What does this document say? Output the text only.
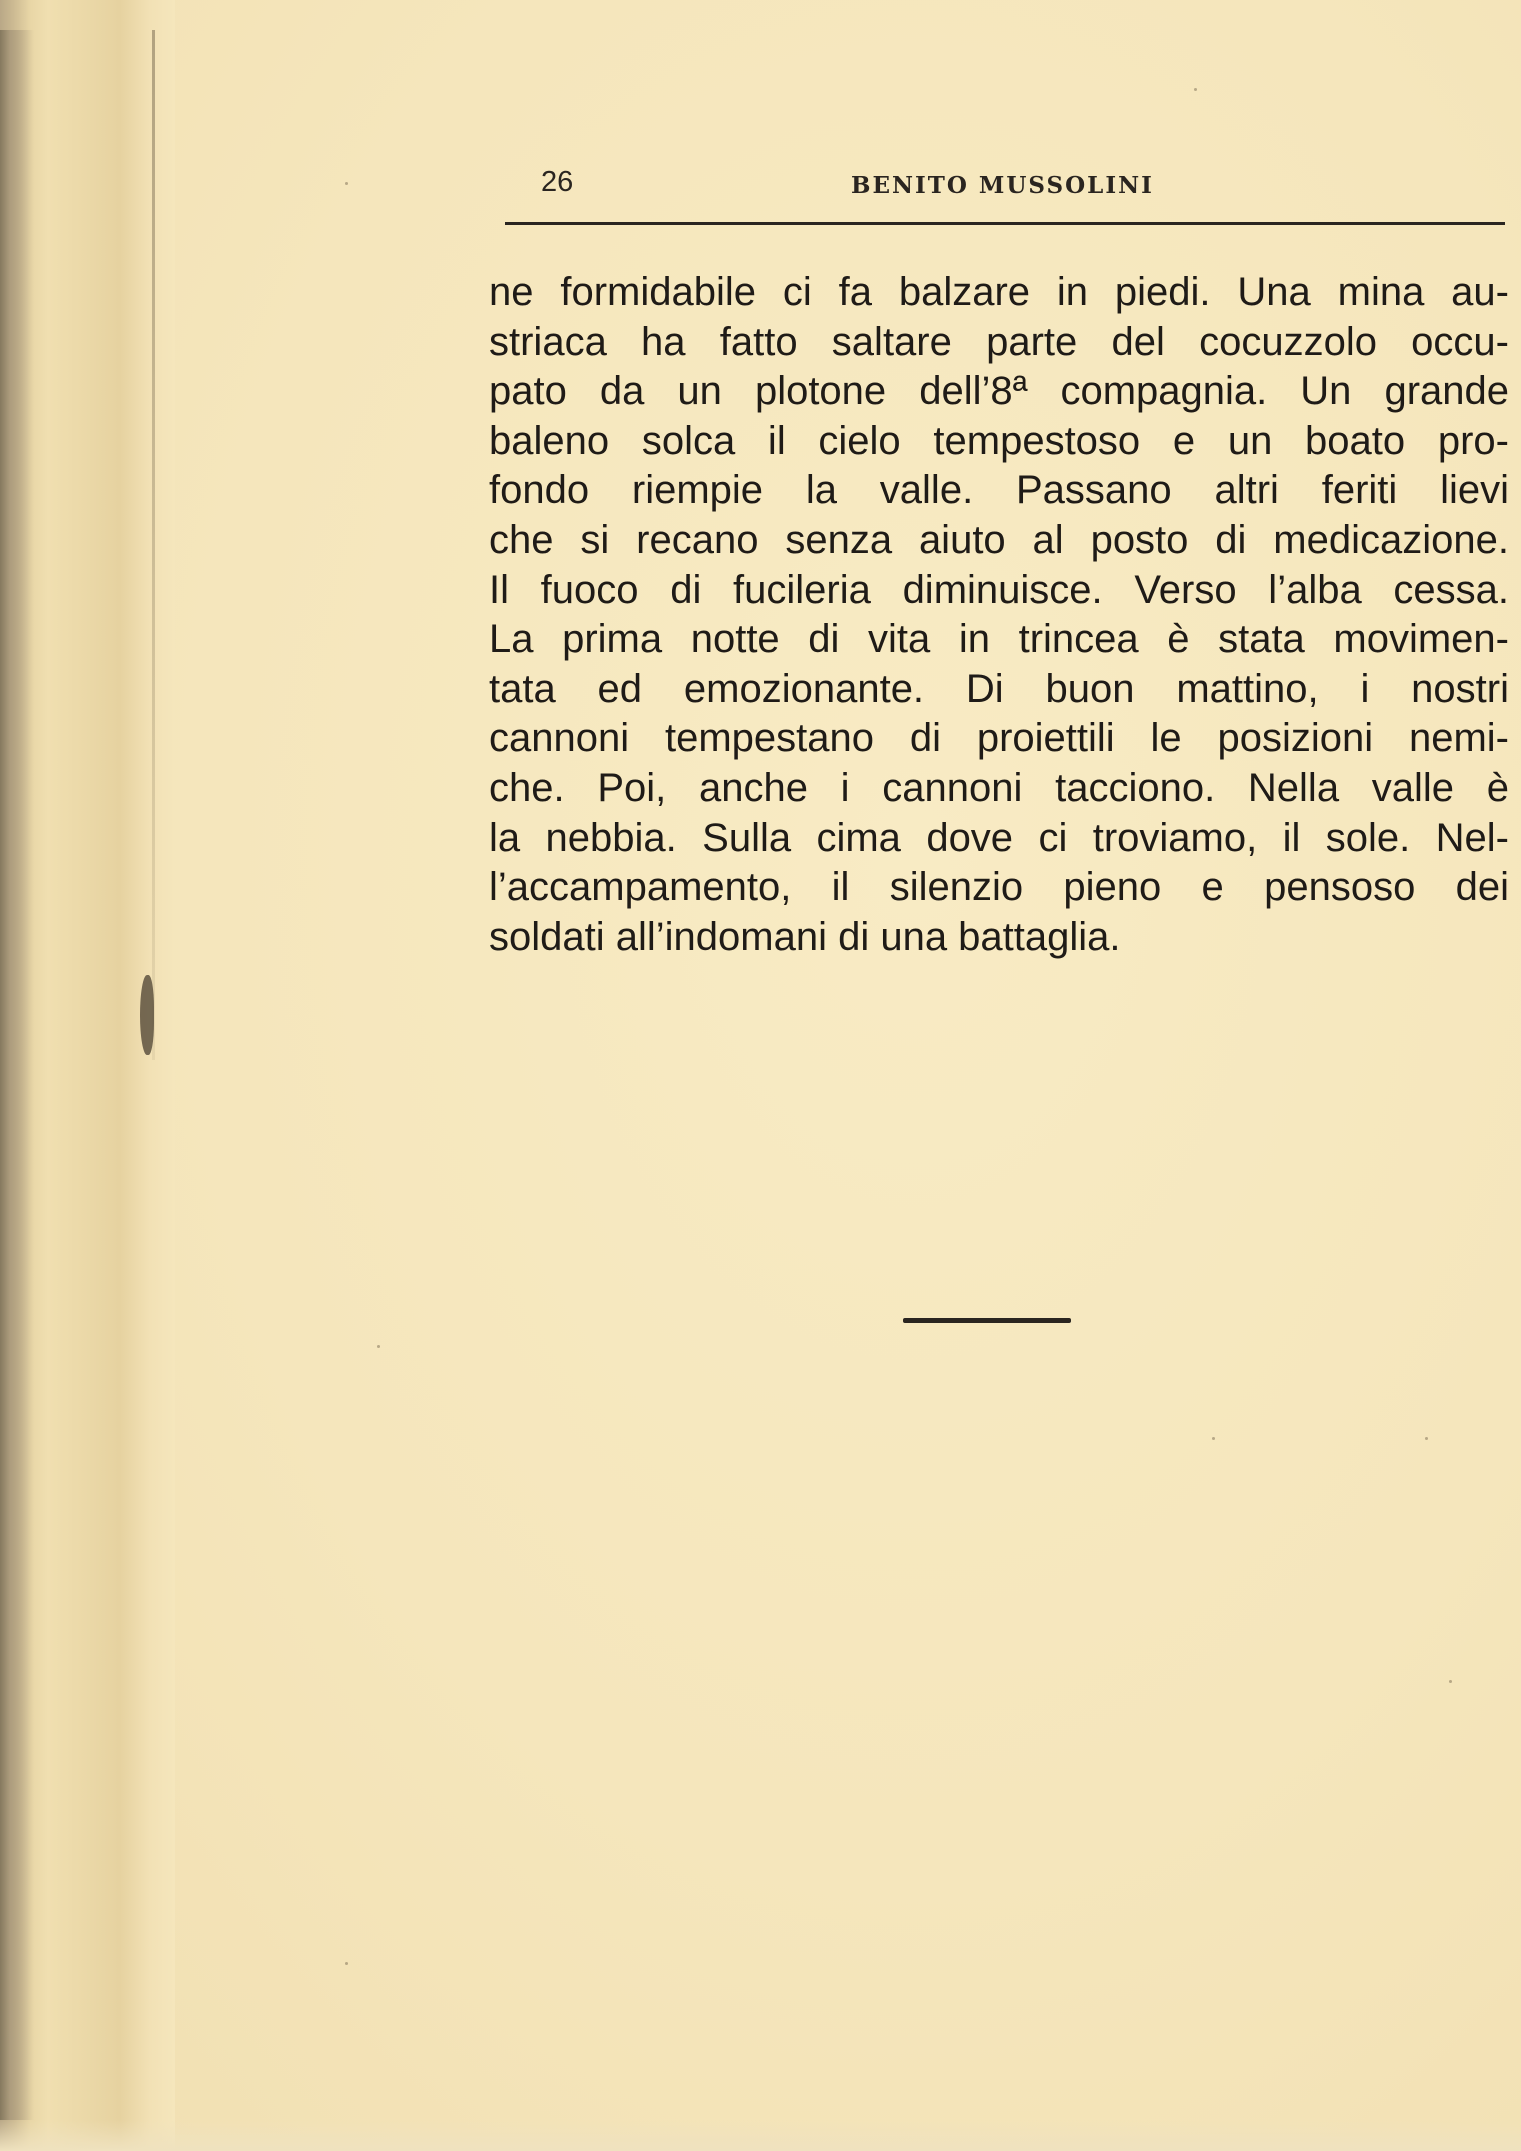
26	BENITO MUSSOLINI
ne formidabile ci fa balzare in piedi. Una mina au-
striaca ha fatto saltare parte del cocuzzolo occu-
pato da un plotone dell’8ª compagnia. Un grande
baleno solca il cielo tempestoso e un boato pro-
fondo riempie la valle. Passano altri feriti lievi
che si recano senza aiuto al posto di medicazione.
Il fuoco di fucileria diminuisce. Verso l’alba cessa.
La prima notte di vita in trincea è stata movimen-
tata ed emozionante. Di buon mattino, i nostri
cannoni tempestano di proiettili le posizioni nemi-
che. Poi, anche i cannoni tacciono. Nella valle è
la nebbia. Sulla cima dove ci troviamo, il sole. Nel-
l’accampamento, il silenzio pieno e pensoso dei
soldati all’indomani di una battaglia.
